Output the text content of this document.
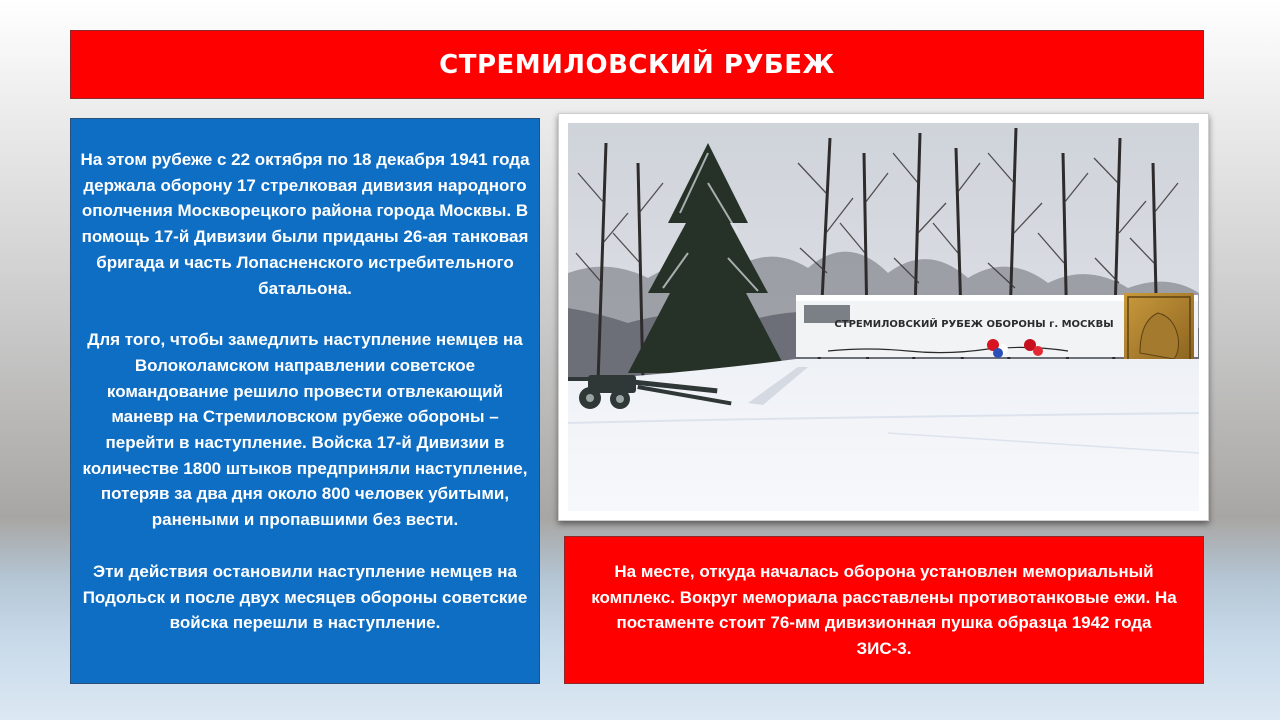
СТРЕМИЛОВСКИЙ РУБЕЖ

На этом рубеже с 22 октября по 18 декабря 1941 года держала оборону 17 стрелковая дивизия народного ополчения Москворецкого района города Москвы. В помощь 17-й Дивизии были приданы 26-ая танковая бригада и часть Лопасненского истребительного батальона.

Для того, чтобы замедлить наступление немцев на Волоколамском направлении советское командование решило провести отвлекающий маневр на Стремиловском рубеже обороны – перейти в наступление. Войска 17-й Дивизии в количестве 1800 штыков предприняли наступление, потеряв за два дня около 800 человек убитыми, ранеными и пропавшими без вести.

Эти действия остановили наступление немцев на Подольск и после двух месяцев обороны советские войска перешли в наступление.

СТРЕМИЛОВСКИЙ РУБЕЖ ОБОРОНЫ г. МОСКВЫ

На месте, откуда началась оборона установлен мемориальный комплекс. Вокруг мемориала расставлены противотанковые ежи. На постаменте стоит 76-мм дивизионная пушка образца 1942 года ЗИС-3.
